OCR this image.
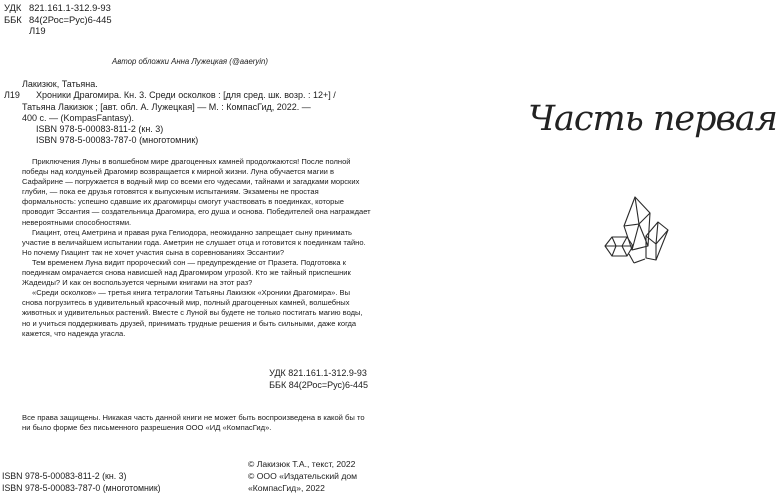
УДК 821.161.1-312.9-93
ББК 84(2Рос=Рус)6-445
Л19
Автор обложки Анна Лужецкая (@aaeryin)
Лакизюк, Татьяна.
Л19	Хроники Драгомира. Кн. 3. Среди осколков : [для сред. шк. возр. : 12+] /
Татьяна Лакизюк ; [авт. обл. А. Лужецкая] — М. : КомпасГид, 2022. —
400 с. — (KompasFantasy).
ISBN 978-5-00083-811-2 (кн. 3)
ISBN 978-5-00083-787-0 (многотомник)

Приключения Луны в волшебном мире драгоценных камней продолжаются! После полной победы над колдуньей Драгомир возвращается к мирной жизни. Луна обучается магии в Сафайрине — погружается в водный мир со всеми его чудесами, тайнами и загадками морских глубин, — пока ее друзья готовятся к выпускным испытаниям. Экзамены не простая формальность: успешно сдавшие их драгомирцы смогут участвовать в поединках, которые проводит Эссантия — создательница Драгомира, его душа и основа. Победителей она награждает невероятными способностями.

Гиацинт, отец Аметрина и правая рука Гелиодора, неожиданно запрещает сыну принимать участие в величайшем испытании года. Аметрин не слушает отца и готовится к поединкам тайно. Но почему Гиацинт так не хочет участия сына в соревнованиях Эссантии?

Тем временем Луна видит пророческий сон — предупреждение от Празета. Подготовка к поединкам омрачается снова нависшей над Драгомиром угрозой. Кто же тайный приспешник Жадеиды? И как он воспользуется черными книгами на этот раз?

«Среди осколков» — третья книга тетралогии Татьяны Лакизюк «Хроники Драгомира». Вы снова погрузитесь в удивительный красочный мир, полный драгоценных камней, волшебных животных и удивительных растений. Вместе с Луной вы будете не только постигать магию воды, но и учиться поддерживать друзей, принимать трудные решения и быть сильными, даже когда кажется, что надежда угасла.

УДК 821.161.1-312.9-93
ББК 84(2Рос=Рус)6-445
Все права защищены. Никакая часть данной книги не может быть воспроизведена в какой бы то ни было форме без письменного разрешения ООО «ИД «КомпасГид».
ISBN 978-5-00083-811-2 (кн. 3)
ISBN 978-5-00083-787-0 (многотомник)
© Лакизюк Т.А., текст, 2022
© ООО «Издательский дом
«КомпасГид», 2022
Часть первая
